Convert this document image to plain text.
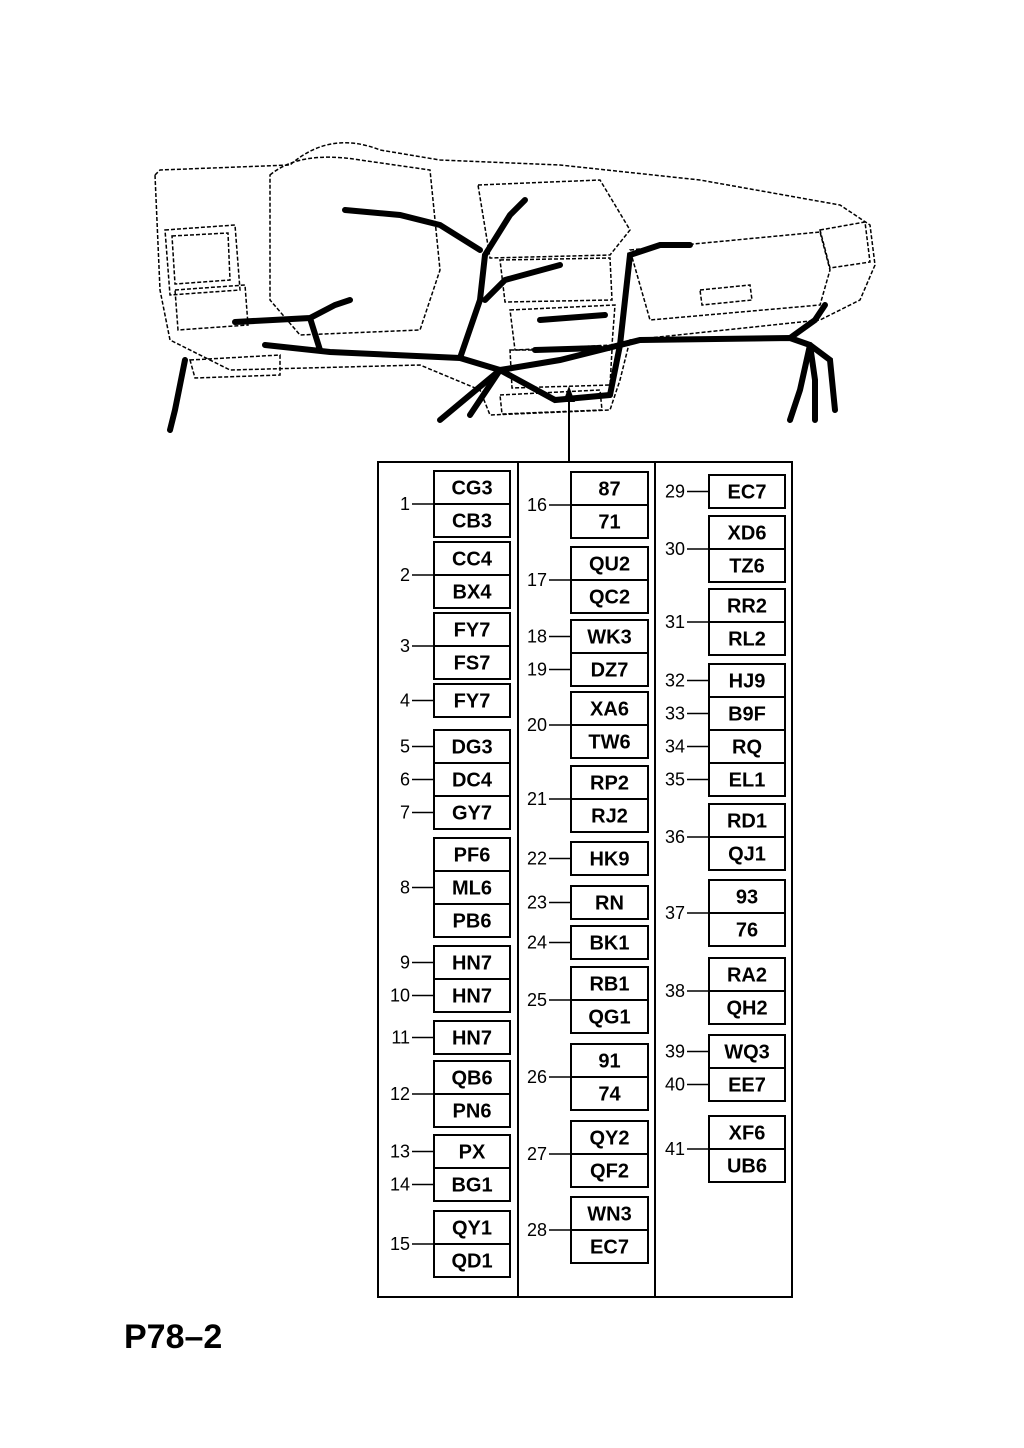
CG3
CB3
1
CC4
BX4
2
FY7
FS7
3
FY7
4
DG3
DC4
GY7
5
6
7
PF6
ML6
PB6
8
HN7
HN7
9
10
HN7
11
QB6
PN6
12
PX
BG1
13
14
QY1
QD1
15
87
71
16
QU2
QC2
17
WK3
DZ7
18
19
XA6
TW6
20
RP2
RJ2
21
HK9
22
RN
23
BK1
24
RB1
QG1
25
91
74
26
QY2
QF2
27
WN3
EC7
28
EC7
29
XD6
TZ6
30
RR2
RL2
31
HJ9
B9F
RQ
EL1
32
33
34
35
RD1
QJ1
36
93
76
37
RA2
QH2
38
WQ3
EE7
39
40
XF6
UB6
41
P78–2
